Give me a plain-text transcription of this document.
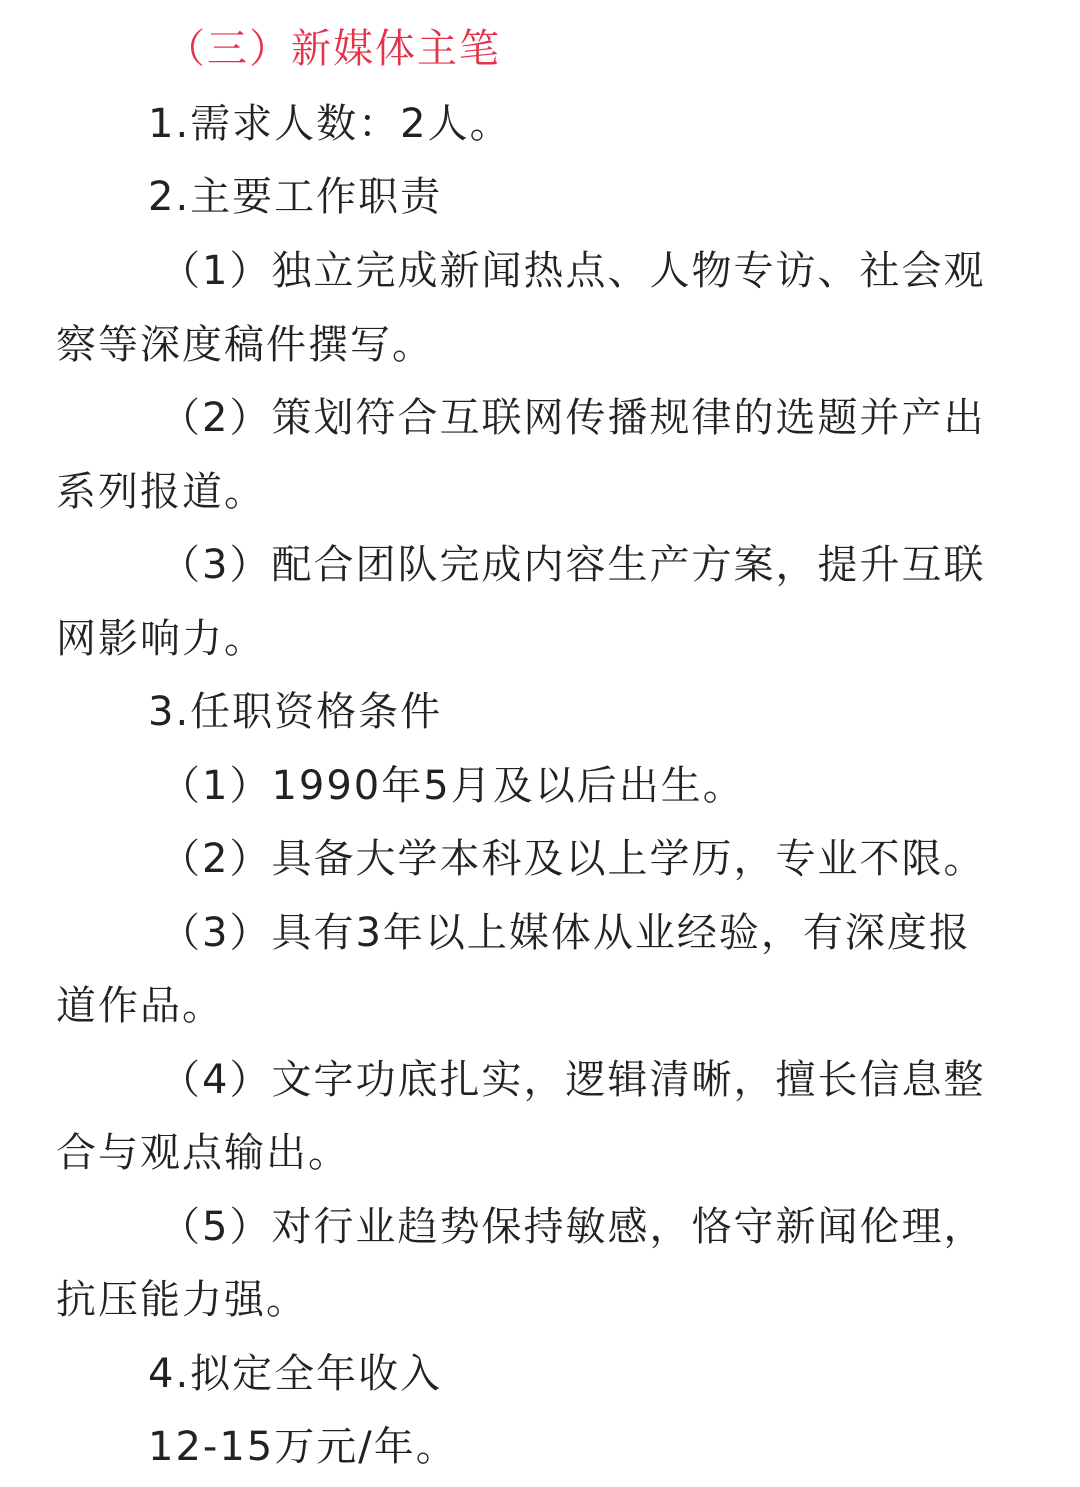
（三）新媒体主笔
1.需求人数：2人。
2.主要工作职责
（1）独立完成新闻热点、人物专访、社会观
察等深度稿件撰写。
（2）策划符合互联网传播规律的选题并产出
系列报道。
（3）配合团队完成内容生产方案，提升互联
网影响力。
3.任职资格条件
（1）1990年5月及以后出生。
（2）具备大学本科及以上学历，专业不限。
（3）具有3年以上媒体从业经验，有深度报
道作品。
（4）文字功底扎实，逻辑清晰，擅长信息整
合与观点输出。
（5）对行业趋势保持敏感，恪守新闻伦理，
抗压能力强。
4.拟定全年收入
12-15万元/年。
